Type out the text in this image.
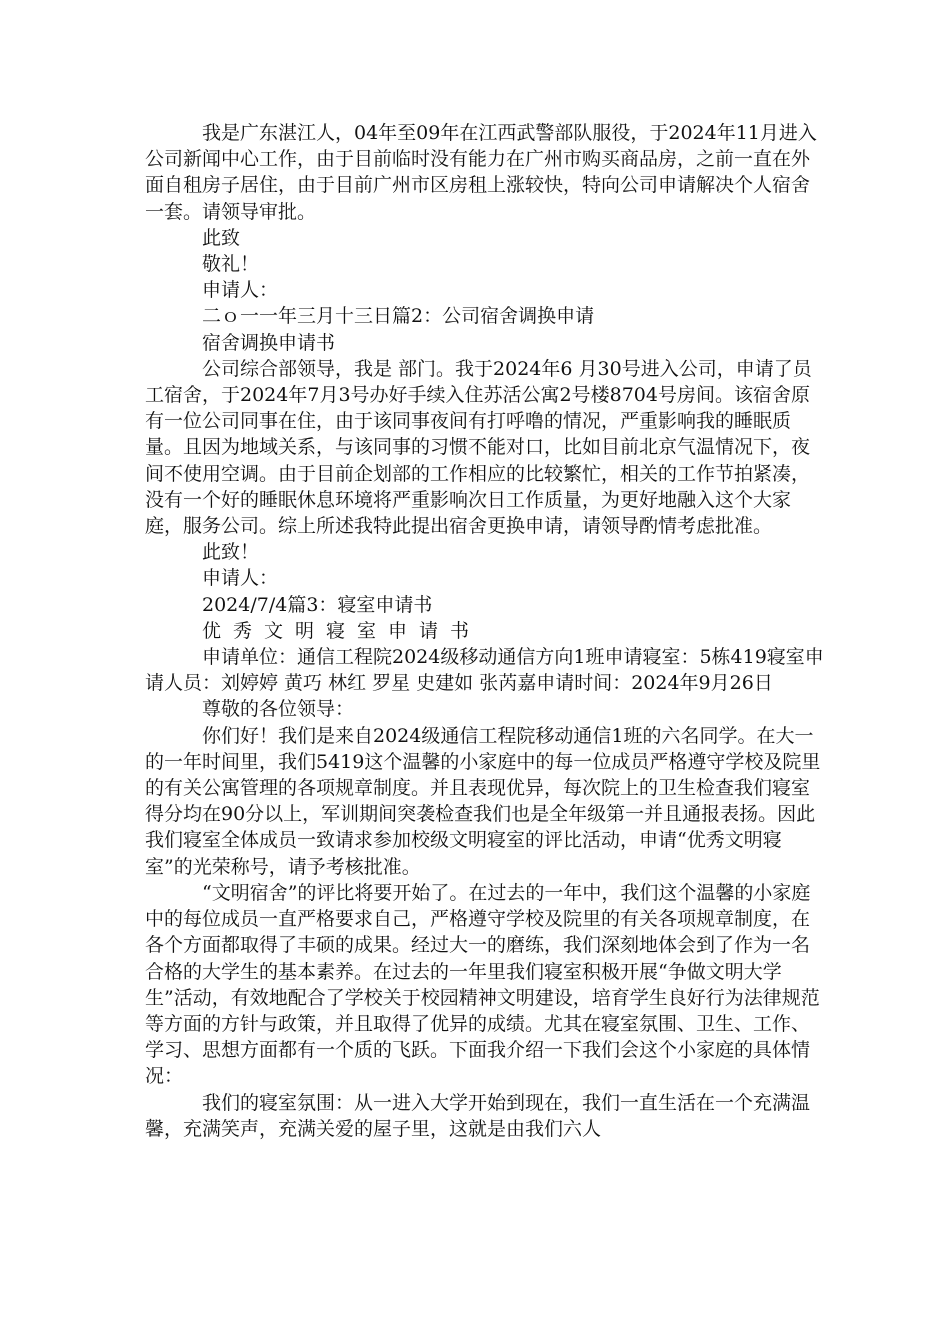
我是广东湛江人，04年至09年在江西武警部队服役，于2024年11月进入公司新闻中心工作，由于目前临时没有能力在广州市购买商品房，之前一直在外面自租房子居住，由于目前广州市区房租上涨较快，特向公司申请解决个人宿舍一套。请领导审批。

此致

敬礼！

申请人：

二ｏ一一年三月十三日篇2：公司宿舍调换申请

宿舍调换申请书

公司综合部领导，我是 部门。我于2024年6 月30号进入公司，申请了员工宿舍，于2024年7月3号办好手续入住苏活公寓2号楼8704号房间。该宿舍原有一位公司同事在住，由于该同事夜间有打呼噜的情况，严重影响我的睡眠质量。且因为地域关系，与该同事的习惯不能对口，比如目前北京气温情况下，夜间不使用空调。由于目前企划部的工作相应的比较繁忙，相关的工作节拍紧凑，没有一个好的睡眠休息环境将严重影响次日工作质量，为更好地融入这个大家庭，服务公司。综上所述我特此提出宿舍更换申请，请领导酌情考虑批准。

此致！

申请人：

2024/7/4篇3：寝室申请书

优秀文明寝室申请书

申请单位：通信工程院2024级移动通信方向1班申请寝室：5栋419寝室申请人员：刘婷婷 黄巧 林红 罗星 史建如 张芮嘉申请时间：2024年9月26日

尊敬的各位领导：

你们好！我们是来自2024级通信工程院移动通信1班的六名同学。在大一的一年时间里，我们5419这个温馨的小家庭中的每一位成员严格遵守学校及院里的有关公寓管理的各项规章制度。并且表现优异，每次院上的卫生检查我们寝室得分均在90分以上，军训期间突袭检查我们也是全年级第一并且通报表扬。因此我们寝室全体成员一致请求参加校级文明寝室的评比活动，申请“优秀文明寝室”的光荣称号，请予考核批准。

“文明宿舍”的评比将要开始了。在过去的一年中，我们这个温馨的小家庭中的每位成员一直严格要求自己，严格遵守学校及院里的有关各项规章制度，在各个方面都取得了丰硕的成果。经过大一的磨练，我们深刻地体会到了作为一名合格的大学生的基本素养。在过去的一年里我们寝室积极开展“争做文明大学生”活动，有效地配合了学校关于校园精神文明建设，培育学生良好行为法律规范等方面的方针与政策，并且取得了优异的成绩。尤其在寝室氛围、卫生、工作、学习、思想方面都有一个质的飞跃。下面我介绍一下我们会这个小家庭的具体情况：

我们的寝室氛围：从一进入大学开始到现在，我们一直生活在一个充满温馨，充满笑声，充满关爱的屋子里，这就是由我们六人
